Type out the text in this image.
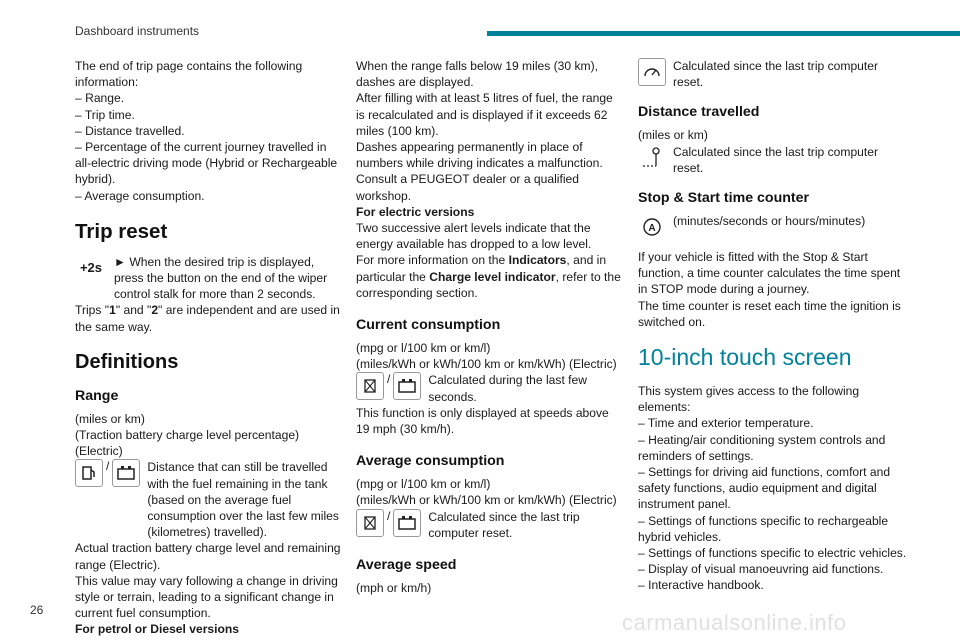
Dashboard instruments

The end of trip page contains the following information:

– Range.

– Trip time.

– Distance travelled.

– Percentage of the current journey travelled in all-electric driving mode (Hybrid or Rechargeable hybrid).

– Average consumption.

Trip reset
+2s ► When the desired trip is displayed, press the button on the end of the wiper control stalk for more than 2 seconds.

Trips "1" and "2" are independent and are used in the same way.

Definitions
Range

(miles or km)

(Traction battery charge level percentage)

(Electric)

/	Distance that can still be travelled with the fuel remaining in the tank (based on the average fuel consumption over the last few miles (kilometres) travelled).

Actual traction battery charge level and remaining range (Electric).

This value may vary following a change in driving style or terrain, leading to a significant change in current fuel consumption.

For petrol or Diesel versions

When the range falls below 19 miles (30 km), dashes are displayed.

After filling with at least 5 litres of fuel, the range is recalculated and is displayed if it exceeds 62 miles (100 km).

Dashes appearing permanently in place of numbers while driving indicates a malfunction. Consult a PEUGEOT dealer or a qualified workshop.

For electric versions

Two successive alert levels indicate that the energy available has dropped to a low level.

For more information on the Indicators, and in particular the Charge level indicator, refer to the corresponding section.

Current consumption

(mpg or l/100 km or km/l)

(miles/kWh or kWh/100 km or km/kWh) (Electric)

/	Calculated during the last few seconds.

This function is only displayed at speeds above 19 mph (30 km/h).

Average consumption

(mpg or l/100 km or km/l)

(miles/kWh or kWh/100 km or km/kWh) (Electric)

/	Calculated since the last trip computer reset.

Average speed

(mph or km/h)

Calculated since the last trip computer reset.

Distance travelled

(miles or km)

Calculated since the last trip computer reset.

Stop & Start time counter
A

(minutes/seconds or hours/minutes)

If your vehicle is fitted with the Stop & Start function, a time counter calculates the time spent in STOP mode during a journey.

The time counter is reset each time the ignition is switched on.

10-inch touch screen

This system gives access to the following elements:

– Time and exterior temperature.

– Heating/air conditioning system controls and reminders of settings.

– Settings for driving aid functions, comfort and safety functions, audio equipment and digital instrument panel.

– Settings of functions specific to rechargeable hybrid vehicles.

– Settings of functions specific to electric vehicles.

– Display of visual manoeuvring aid functions.

– Interactive handbook.

26	carmanualsonline.info
